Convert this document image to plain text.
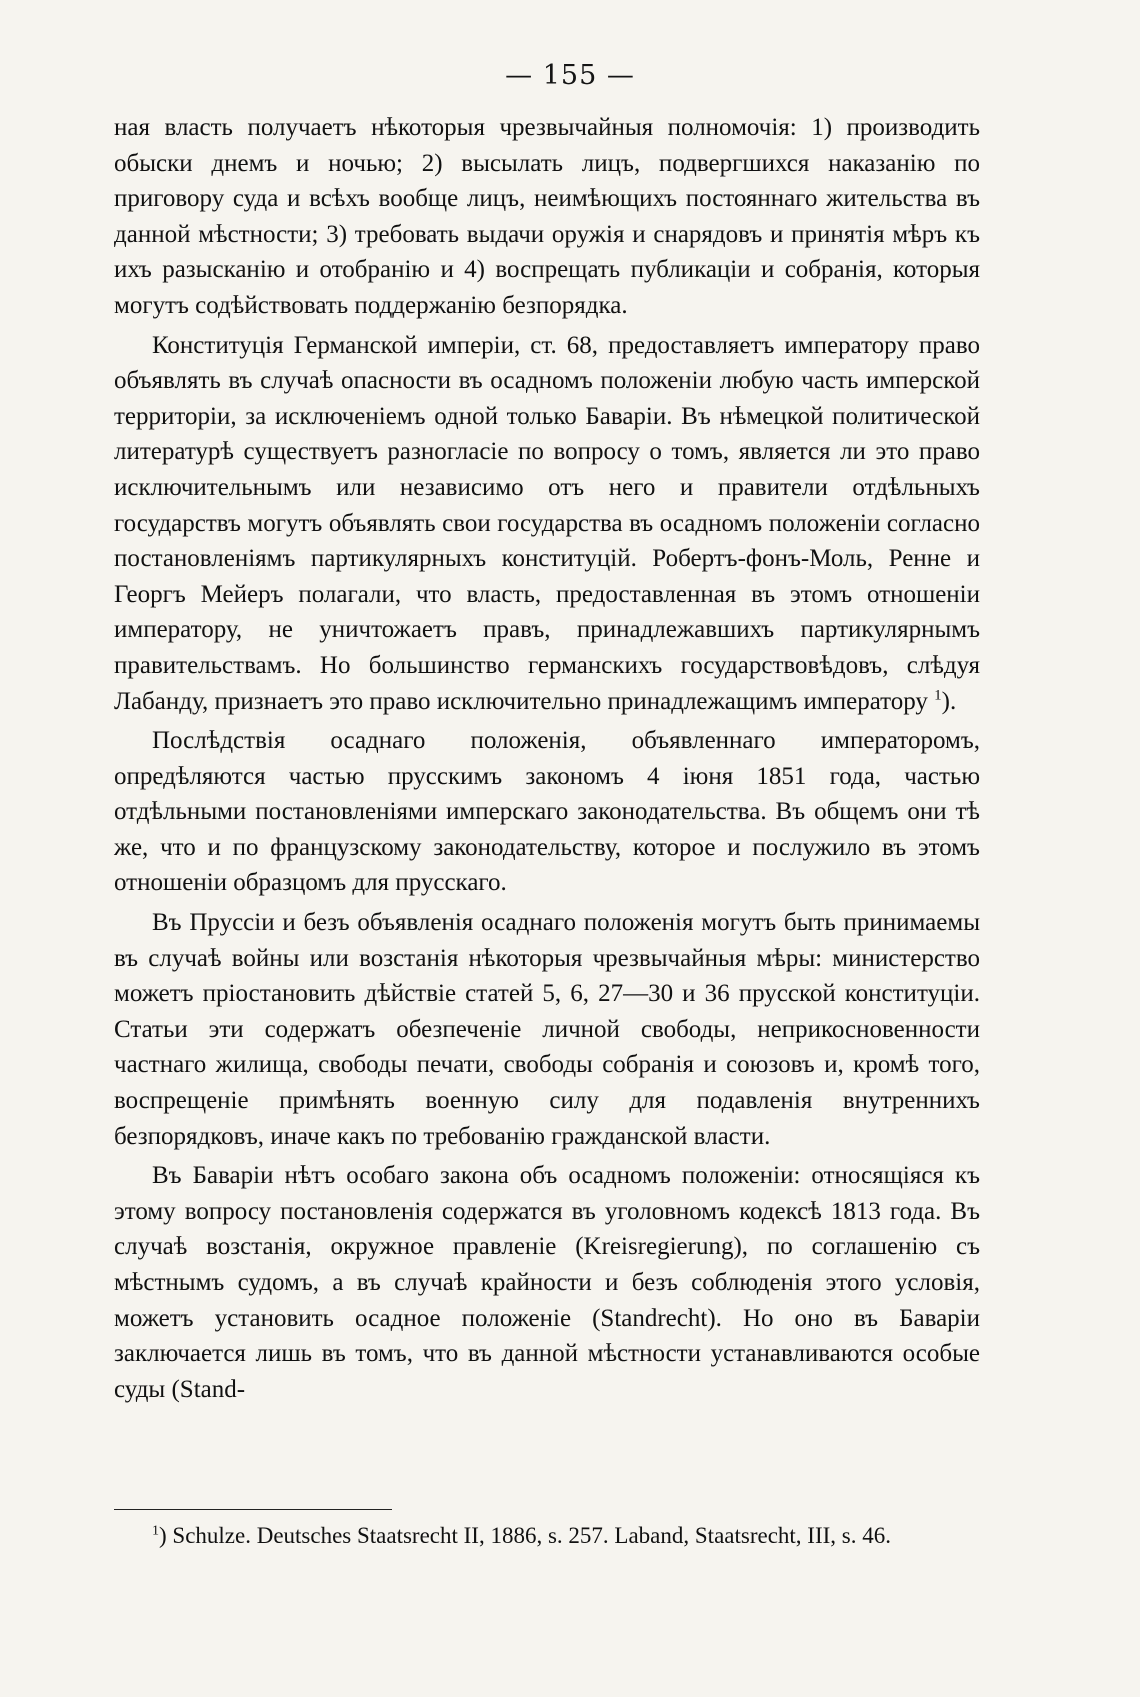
— 155 —

ная власть получаетъ нѣкоторыя чрезвычайныя полномочія: 1) производить обыски днемъ и ночью; 2) высылать лицъ, подвергшихся наказанію по приговору суда и всѣхъ вообще лицъ, неимѣющихъ постояннаго жительства въ данной мѣстности; 3) требовать выдачи оружія и снарядовъ и принятія мѣръ къ ихъ разысканію и отобранію и 4) воспрещать публикаціи и собранія, которыя могутъ содѣйствовать поддержанію безпорядка.

Конституція Германской имперіи, ст. 68, предоставляетъ императору право объявлять въ случаѣ опасности въ осадномъ положеніи любую часть имперской территоріи, за исключеніемъ одной только Баваріи. Въ нѣмецкой политической литературѣ существуетъ разногласіе по вопросу о томъ, является ли это право исключительнымъ или независимо отъ него и правители отдѣльныхъ государствъ могутъ объявлять свои государства въ осадномъ положеніи согласно постановленіямъ партикулярныхъ конституцій. Робертъ-фонъ-Моль, Ренне и Георгъ Мейеръ полагали, что власть, предоставленная въ этомъ отношеніи императору, не уничтожаетъ правъ, принадлежавшихъ партикулярнымъ правительствамъ. Но большинство германскихъ государствовѣдовъ, слѣдуя Лабанду, признаетъ это право исключительно принадлежащимъ императору $^1$).

Послѣдствія осаднаго положенія, объявленнаго императоромъ, опредѣляются частью прусскимъ закономъ 4 іюня 1851 года, частью отдѣльными постановленіями имперскаго законодательства. Въ общемъ они тѣ же, что и по французскому законодательству, которое и послужило въ этомъ отношеніи образцомъ для прусскаго.

Въ Пруссіи и безъ объявленія осаднаго положенія могутъ быть принимаемы въ случаѣ войны или возстанія нѣкоторыя чрезвычайныя мѣры: министерство можетъ пріостановить дѣйствіе статей 5, 6, 27—30 и 36 прусской конституціи. Статьи эти содержатъ обезпеченіе личной свободы, неприкосновенности частнаго жилища, свободы печати, свободы собранія и союзовъ и, кромѣ того, воспрещеніе примѣнять военную силу для подавленія внутреннихъ безпорядковъ, иначе какъ по требованію гражданской власти.

Въ Баваріи нѣтъ особаго закона объ осадномъ положеніи: относящіяся къ этому вопросу постановленія содержатся въ уголовномъ кодексѣ 1813 года. Въ случаѣ возстанія, окружное правленіе (Kreisregierung), по соглашенію съ мѣстнымъ судомъ, а въ случаѣ крайности и безъ соблюденія этого условія, можетъ установить осадное положеніе (Standrecht). Но оно въ Баваріи заключается лишь въ томъ, что въ данной мѣстности устанавливаются особые суды (Stand-

$^1$) Schulze. Deutsches Staatsrecht II, 1886, s. 257. Laband, Staatsrecht, III, s. 46.
